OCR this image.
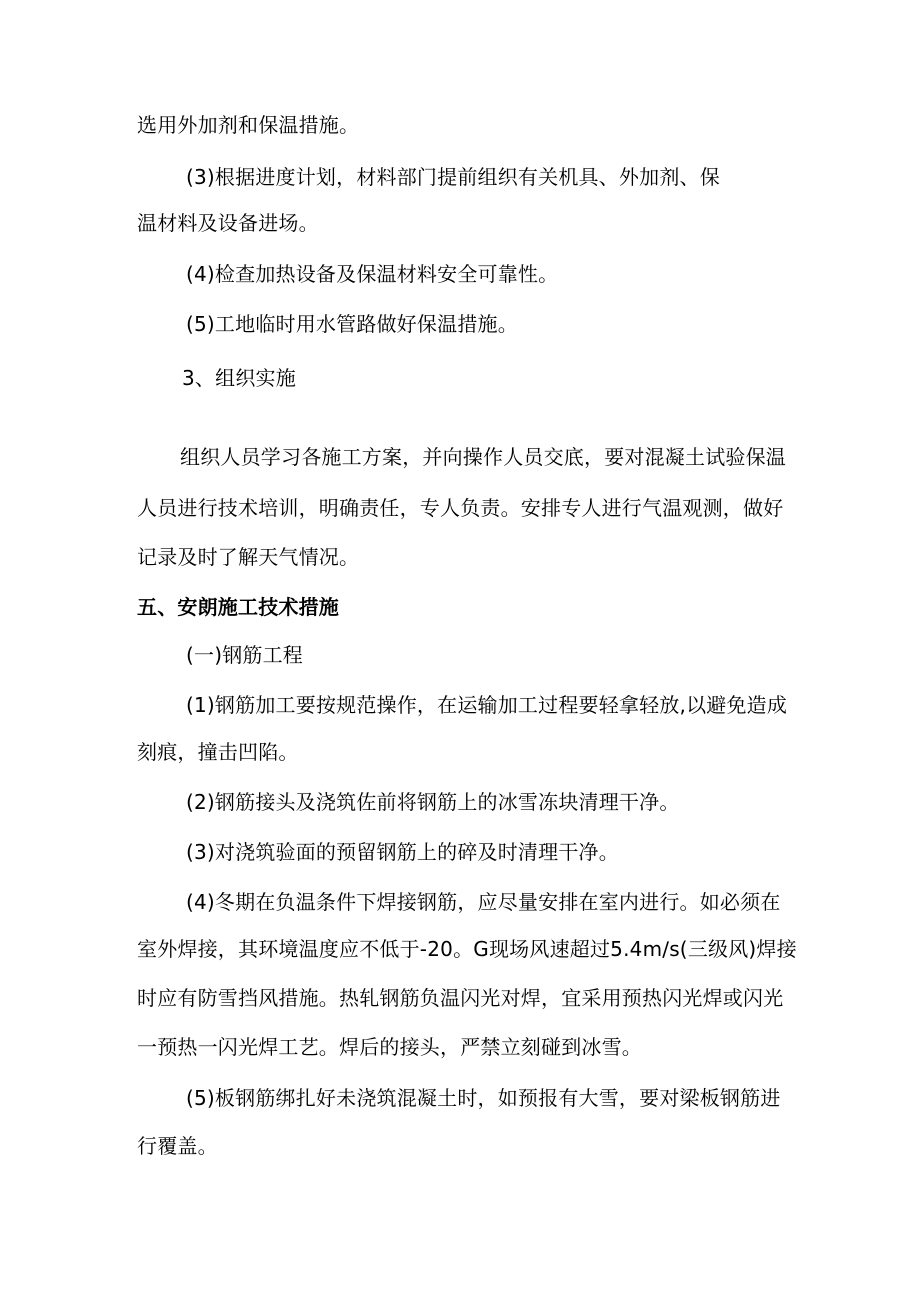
选用外加剂和保温措施。
(3)根据进度计划，材料部门提前组织有关机具、外加剂、保
温材料及设备进场。
(4)检查加热设备及保温材料安全可靠性。
(5)工地临时用水管路做好保温措施。
3、组织实施
组织人员学习各施工方案，并向操作人员交底，要对混凝土试验保温
人员进行技术培训，明确责任，专人负责。安排专人进行气温观测，做好
记录及时了解天气情况。
五、安朗施工技术措施
(一)钢筋工程
(1)钢筋加工要按规范操作，在运输加工过程要轻拿轻放,以避免造成
刻痕，撞击凹陷。
(2)钢筋接头及浇筑佐前将钢筋上的冰雪冻块清理干净。
(3)对浇筑验面的预留钢筋上的碎及时清理干净。
(4)冬期在负温条件下焊接钢筋，应尽量安排在室内进行。如必须在
室外焊接，其环境温度应不低于-20。G现场风速超过5.4m∕s(三级风)焊接
时应有防雪挡风措施。热轧钢筋负温闪光对焊，宜采用预热闪光焊或闪光
一预热一闪光焊工艺。焊后的接头，严禁立刻碰到冰雪。
(5)板钢筋绑扎好未浇筑混凝土时，如预报有大雪，要对梁板钢筋进
行覆盖。
